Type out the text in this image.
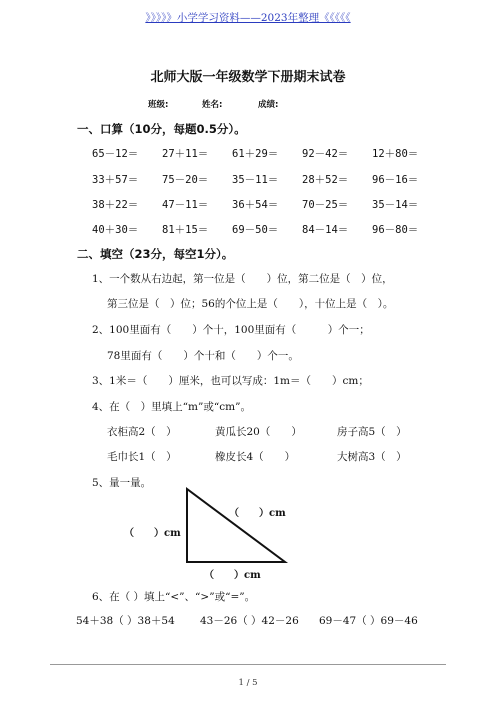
》》》》》小学学习资料——2023年整理《《《《《
北师大版一年级数学下册期末试卷
班级:	姓名:	成绩:
一、口算（10分，每题0.5分）。
65－12＝ 27＋11＝ 61＋29＝ 92－42＝ 12＋80＝
33＋57＝ 75－20＝ 35－11＝ 28＋52＝ 96－16＝
38＋22＝ 47－11＝ 36＋54＝ 70－25＝ 35－14＝
40＋30＝ 81＋15＝ 69－50＝ 84－14＝ 96－80＝
二、填空（23分，每空1分）。
1、一个数从右边起，第一位是（　　）位，第二位是（　）位，
第三位是（　）位；56的个位上是（　　），十位上是（　）。
2、100里面有（　　）个十，100里面有（　　　）个一；
78里面有（　　）个十和（　　）个一。
3、1米＝（　　）厘米，也可以写成：1m＝（　　）cm；
4、在（　）里填上“m”或“cm”。
衣柜高2（　）	黄瓜长20（　　）	房子高5（　）
毛巾长1（　）	橡皮长4（　　）	大树高3（　）
5、量一量。
（　　）cm
（　　）cm
（　　）cm
6、在（ ）填上“<”、“>”或“=”。
54＋38（ ）38＋54 43－26（ ）42－26 69－47（ ）69－46
1 / 5
